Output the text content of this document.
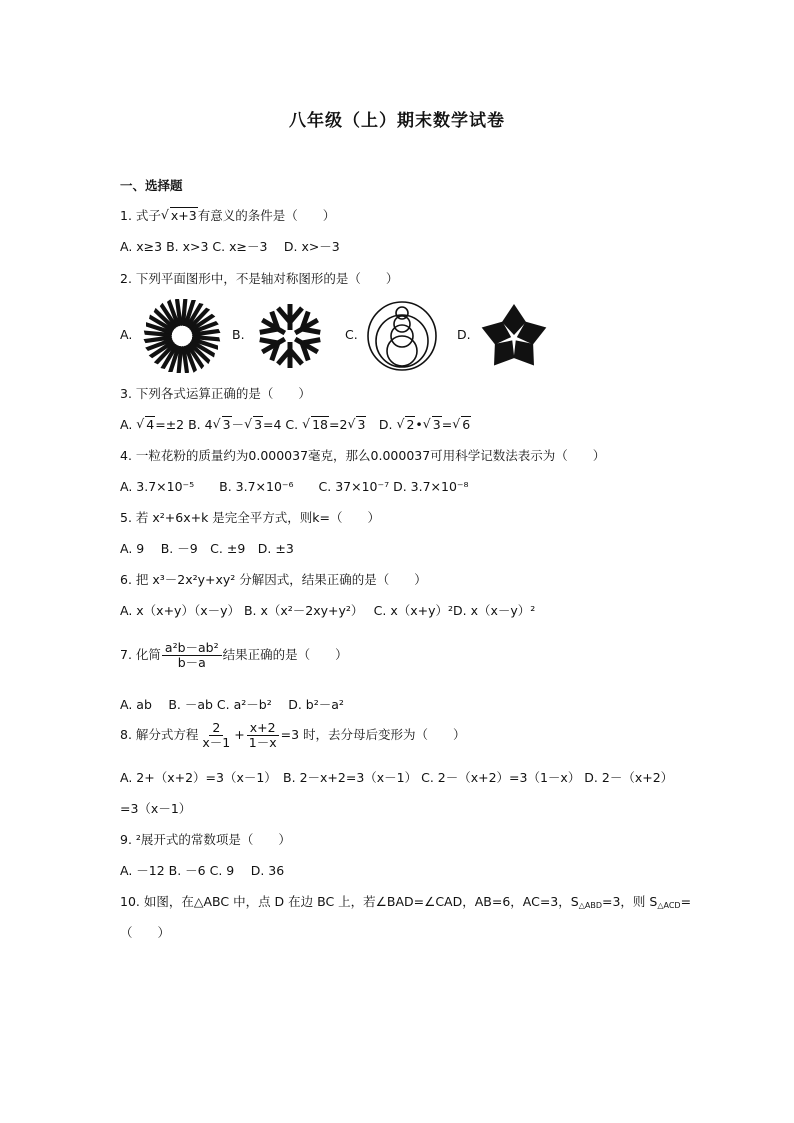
八年级（上）期末数学试卷
一、选择题
1. 式子 √ x+3有意义的条件是（　　）
A. x≥3 B. x>3 C. x≥－3 　D. x>－3
2. 下列平面图形中，不是轴对称图形的是（　　）
A.	B.	C.	D.
3. 下列各式运算正确的是（　　）
A. √ 4=±2 B. 4 √ 3－ √ 3=4 C. √ 18=2 √ 3　D. √ 2• √ 3= √ 6
4. 一粒花粉的质量约为0.000037毫克，那么0.000037可用科学记数法表示为（　　）
A. 3.7×10⁻⁵　　B. 3.7×10⁻⁶　　C. 37×10⁻⁷ D. 3.7×10⁻⁸
5. 若 x²+6x+k 是完全平方式，则k=（　　）
A. 9　 B. －9　C. ±9　D. ±3
6. 把 x³－2x²y+xy² 分解因式，结果正确的是（　　）
A. x（x+y）（x－y） B. x（x²－2xy+y²）　 C. x（x+y）²D. x（x－y）²
7. 化简 $\frac{\text{a²b－ab²}}{b-a}$ 结果正确的是（　　）
A. ab　 B. －ab C. a²－b²　 D. b²－a²
8. 解分式方程 $\frac{2}{x-1} + \frac{x+2}{1-x} =3$ 时，去分母后变形为（　　）
A. 2+（x+2）=3（x－1）　B. 2－x+2=3（x－1） C. 2－（x+2）=3（1－x） D. 2－（x+2）
=3（x－1）
9. ²展开式的常数项是（　　）
A. －12 B. －6 C. 9　 D. 36
10. 如图，在△ABC 中，点 D 在边 BC 上，若∠BAD=∠CAD，AB=6，AC=3，$S_{\triangle ABD}=3$，则 $S_{\triangle ACD}=$
（　　）
